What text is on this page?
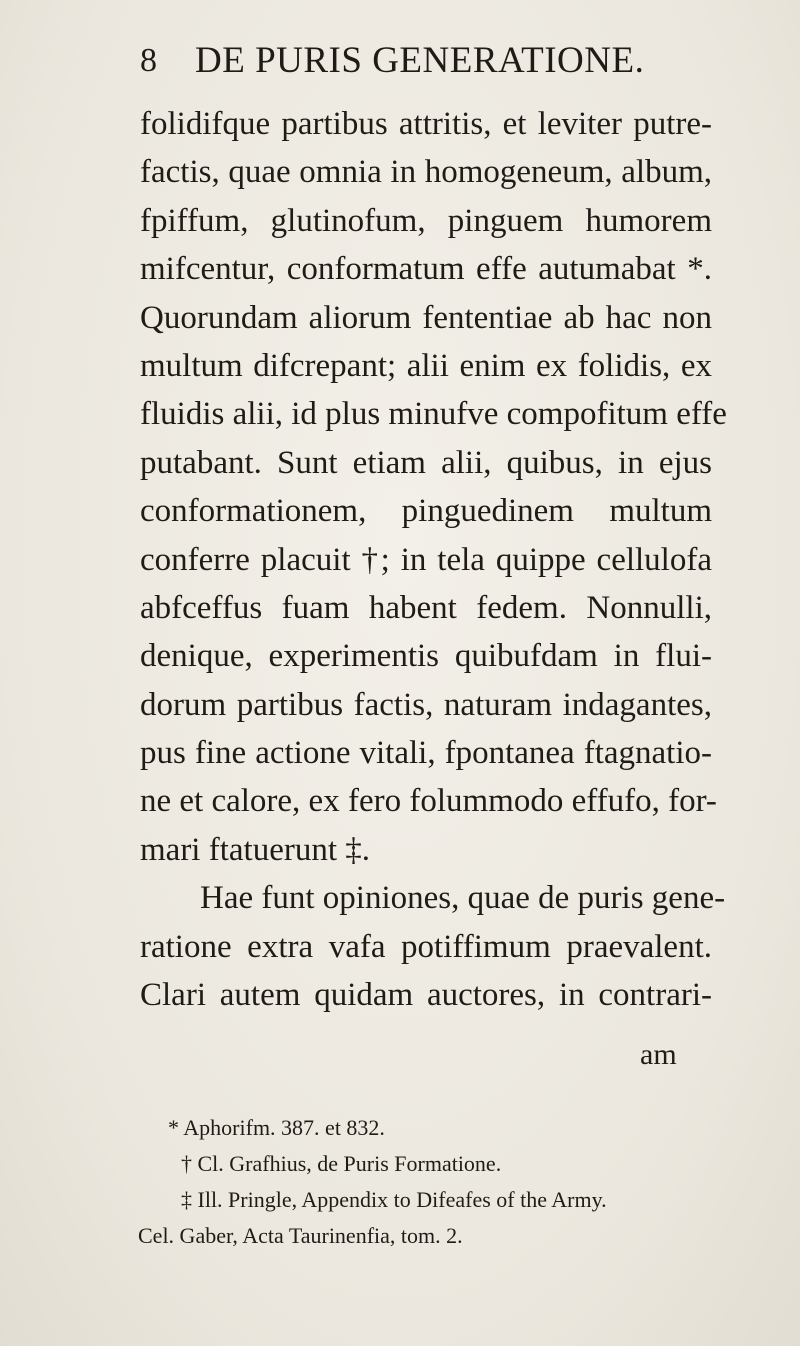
8 DE PURIS GENERATIONE.
folidifque partibus attritis, et leviter putre-
factis, quae omnia in homogeneum, album,
fpiffum, glutinofum, pinguem humorem
mifcentur, conformatum effe autumabat *.
Quorundam aliorum fententiae ab hac non
multum difcrepant; alii enim ex folidis, ex
fluidis alii, id plus minufve compofitum effe
putabant. Sunt etiam alii, quibus, in ejus
conformationem, pinguedinem multum
conferre placuit †; in tela quippe cellulofa
abfceffus fuam habent fedem. Nonnulli,
denique, experimentis quibufdam in flui-
dorum partibus factis, naturam indagantes,
pus fine actione vitali, fpontanea ftagnatio-
ne et calore, ex fero folummodo effufo, for-
mari ftatuerunt ‡.
Hae funt opiniones, quae de puris gene-
ratione extra vafa potiffimum praevalent.
Clari autem quidam auctores, in contrari-
am
* Aphorifm. 387. et 832.
† Cl. Grafhius, de Puris Formatione.
‡ Ill. Pringle, Appendix to Difeafes of the Army.
Cel. Gaber, Acta Taurinenfia, tom. 2.
